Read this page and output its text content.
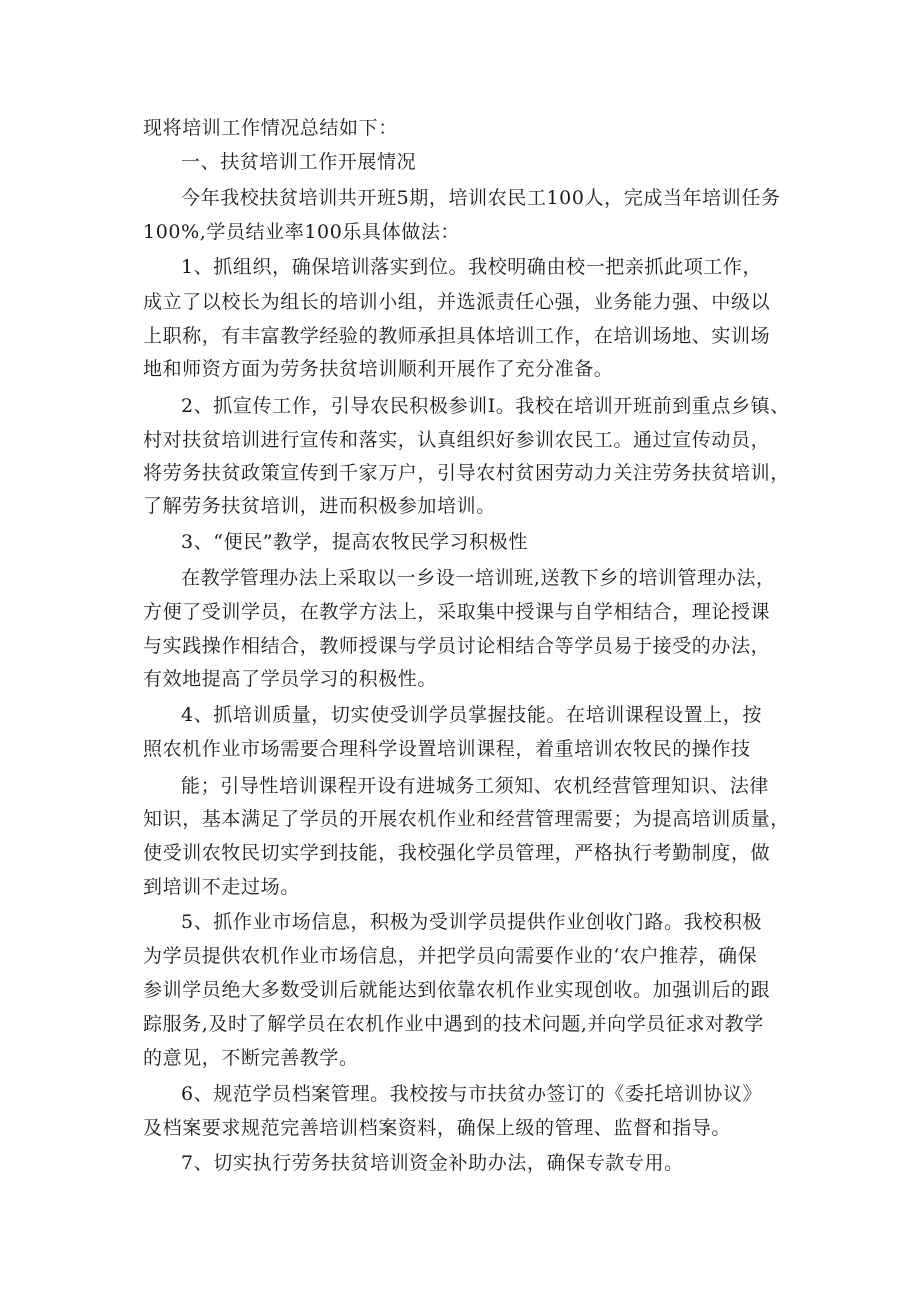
现将培训工作情况总结如下：
一、扶贫培训工作开展情况
今年我校扶贫培训共开班5期，培训农民工100人，完成当年培训任务
100%,学员结业率100乐具体做法：
1、抓组织，确保培训落实到位。我校明确由校一把亲抓此项工作，
成立了以校长为组长的培训小组，并选派责任心强，业务能力强、中级以
上职称，有丰富教学经验的教师承担具体培训工作，在培训场地、实训场
地和师资方面为劳务扶贫培训顺利开展作了充分准备。
2、抓宣传工作，引导农民积极参训I。我校在培训开班前到重点乡镇、
村对扶贫培训进行宣传和落实，认真组织好参训农民工。通过宣传动员，
将劳务扶贫政策宣传到千家万户，引导农村贫困劳动力关注劳务扶贫培训，
了解劳务扶贫培训，进而积极参加培训。
3、“便民”教学，提高农牧民学习积极性
在教学管理办法上采取以一乡设一培训班,送教下乡的培训管理办法，
方便了受训学员，在教学方法上，采取集中授课与自学相结合，理论授课
与实践操作相结合，教师授课与学员讨论相结合等学员易于接受的办法，
有效地提高了学员学习的积极性。
4、抓培训质量，切实使受训学员掌握技能。在培训课程设置上，按
照农机作业市场需要合理科学设置培训课程，着重培训农牧民的操作技
能；引导性培训课程开设有进城务工须知、农机经营管理知识、法律
知识，基本满足了学员的开展农机作业和经营管理需要；为提高培训质量，
使受训农牧民切实学到技能，我校强化学员管理，严格执行考勤制度，做
到培训不走过场。
5、抓作业市场信息，积极为受训学员提供作业创收门路。我校积极
为学员提供农机作业市场信息，并把学员向需要作业的‘农户推荐，确保
参训学员绝大多数受训后就能达到依靠农机作业实现创收。加强训后的跟
踪服务,及时了解学员在农机作业中遇到的技术问题,并向学员征求对教学
的意见，不断完善教学。
6、规范学员档案管理。我校按与市扶贫办签订的《委托培训协议》
及档案要求规范完善培训档案资料，确保上级的管理、监督和指导。
7、切实执行劳务扶贫培训资金补助办法，确保专款专用。
